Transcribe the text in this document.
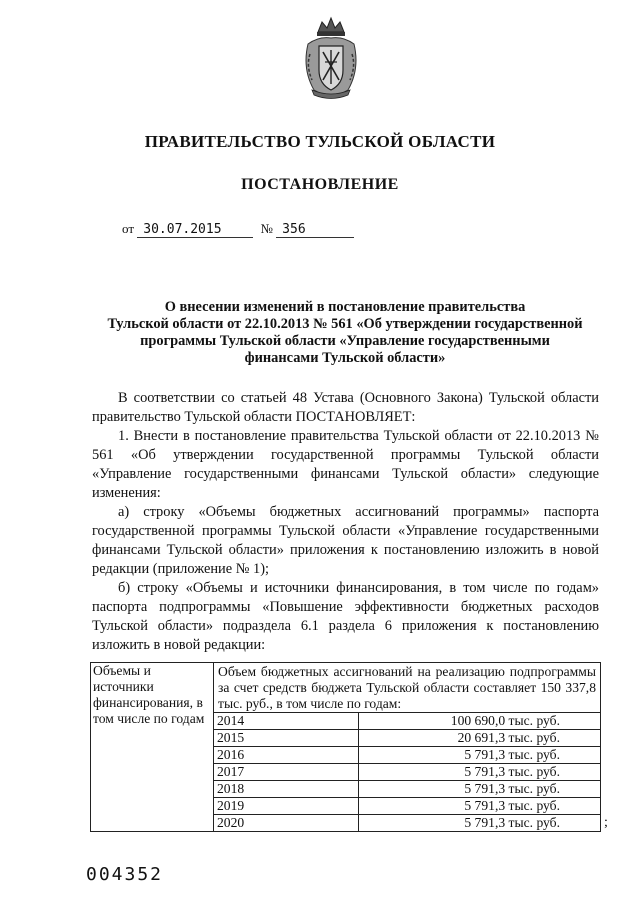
ПРАВИТЕЛЬСТВО ТУЛЬСКОЙ ОБЛАСТИ
ПОСТАНОВЛЕНИЕ
от 30.07.2015	№ 356
О внесении изменений в постановление правительства
Тульской области от 22.10.2013 № 561 «Об утверждении государственной
программы Тульской области «Управление государственными
финансами Тульской области»

В соответствии со статьей 48 Устава (Основного Закона) Тульской области правительство Тульской области ПОСТАНОВЛЯЕТ:

1. Внести в постановление правительства Тульской области от 22.10.2013 № 561 «Об утверждении государственной программы Тульской области «Управление государственными финансами Тульской области» следующие изменения:

а) строку «Объемы бюджетных ассигнований программы» паспорта государственной программы Тульской области «Управление государственными финансами Тульской области» приложения к постановлению изложить в новой редакции (приложение № 1);

б) строку «Объемы и источники финансирования, в том числе по годам» паспорта подпрограммы «Повышение эффективности бюджетных расходов Тульской области» подраздела 6.1 раздела 6 приложения к постановлению изложить в новой редакции:

Объемы и источники финансирования, в том числе по годам	Объем бюджетных ассигнований на реализацию подпрограммы за счет средств бюджета Тульской области составляет 150 337,8 тыс. руб., в том числе по годам:	
	2014	100 690,0 тыс. руб.
	2015	20 691,3 тыс. руб.
	2016	5 791,3 тыс. руб.
	2017	5 791,3 тыс. руб.
	2018	5 791,3 тыс. руб.
	2019	5 791,3 тыс. руб.
	2020	5 791,3 тыс. руб.	;
004352
